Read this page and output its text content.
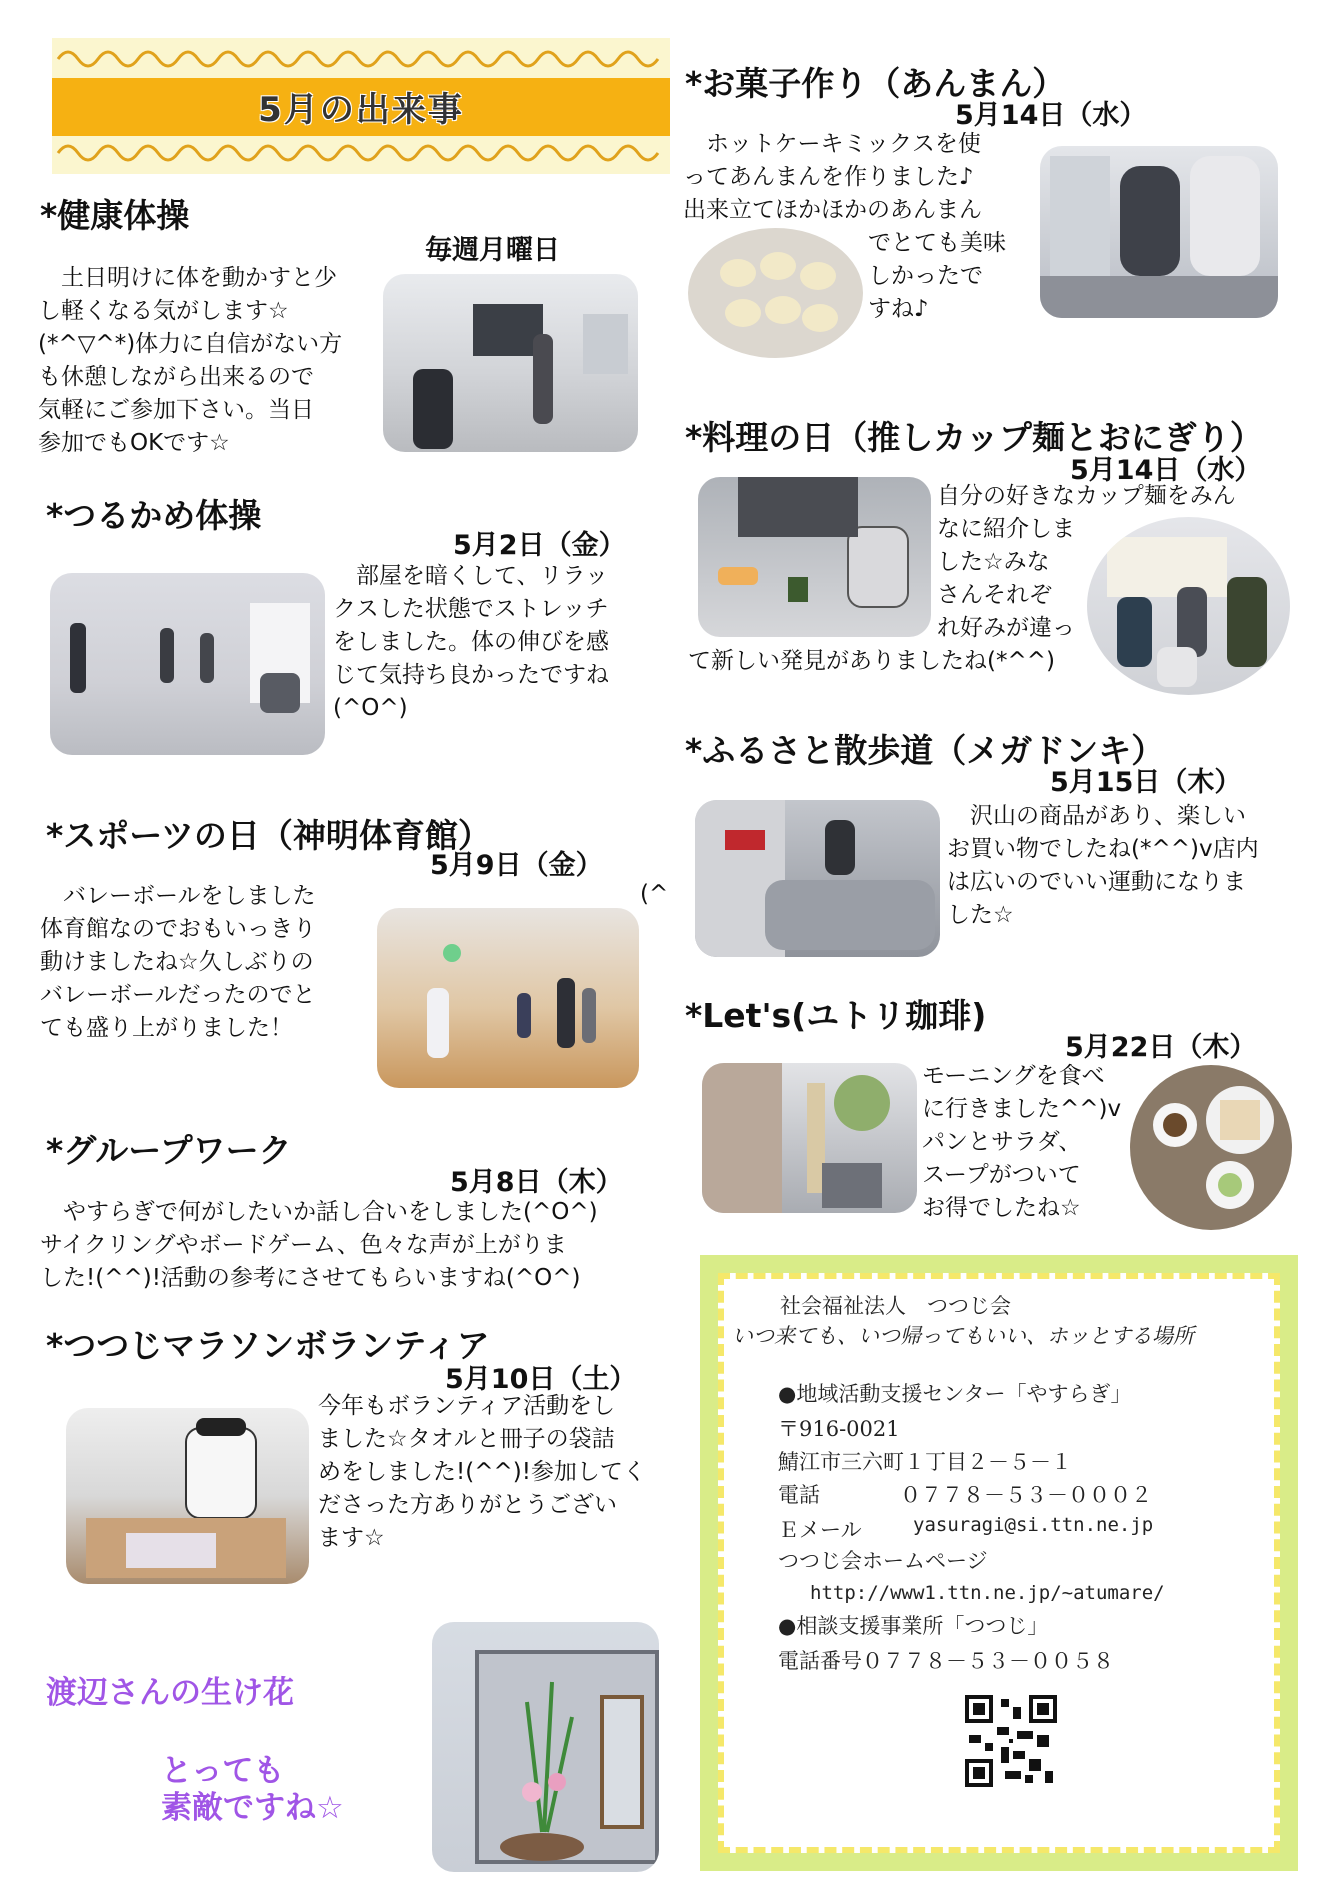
5月の出来事
*健康体操
毎週月曜日
　土日明けに体を動かすと少
し軽くなる気がします☆
(*^▽^*)体力に自信がない方
も休憩しながら出来るので
気軽にご参加下さい。当日
参加でもOKです☆
*つるかめ体操
5月2日（金）
　部屋を暗くして、リラッ
クスした状態でストレッチ
をしました。体の伸びを感
じて気持ち良かったですね
(^O^)
*スポーツの日（神明体育館）
5月9日（金）
　バレーボールをしました
体育館なのでおもいっきり
動けましたね☆久しぶりの
バレーボールだったのでと
ても盛り上がりました！
(^
*グループワーク
5月8日（木）
　やすらぎで何がしたいか話し合いをしました(^O^)
サイクリングやボードゲーム、色々な声が上がりま
した!(^^)!活動の参考にさせてもらいますね(^O^)
*つつじマラソンボランティア
5月10日（土）
今年もボランティア活動をし
ました☆タオルと冊子の袋詰
めをしました!(^^)!参加してく
ださった方ありがとうござい
ます☆
渡辺さんの生け花
とっても
素敵ですね☆
*お菓子作り（あんまん）
5月14日（水）
　ホットケーキミックスを使
ってあんまんを作りました♪
出来立てほかほかのあんまん
でとても美味
しかったで
すね♪
*料理の日（推しカップ麺とおにぎり）
5月14日（水）
自分の好きなカップ麺をみん
なに紹介しま
した☆みな
さんそれぞ
れ好みが違っ
て新しい発見がありましたね(*^^)
*ふるさと散歩道（メガドンキ）
5月15日（木）
　沢山の商品があり、楽しい
お買い物でしたね(*^^)v店内
は広いのでいい運動になりま
した☆
*Let's(ユトリ珈琲)
5月22日（木）
モーニングを食べ
に行きました^^)v
パンとサラダ、
スープがついて
お得でしたね☆
社会福祉法人　つつじ会
いつ来ても、いつ帰ってもいい、ホッとする場所
●地域活動支援センター「やすらぎ」
〒916-0021
鯖江市三六町１丁目２－５－１
電話	０７７８－５３－０００２
Ｅメール	yasuragi@si.ttn.ne.jp
つつじ会ホームページ
http://www1.ttn.ne.jp/~atumare/
●相談支援事業所「つつじ」
電話番号０７７８－５３－００５８
